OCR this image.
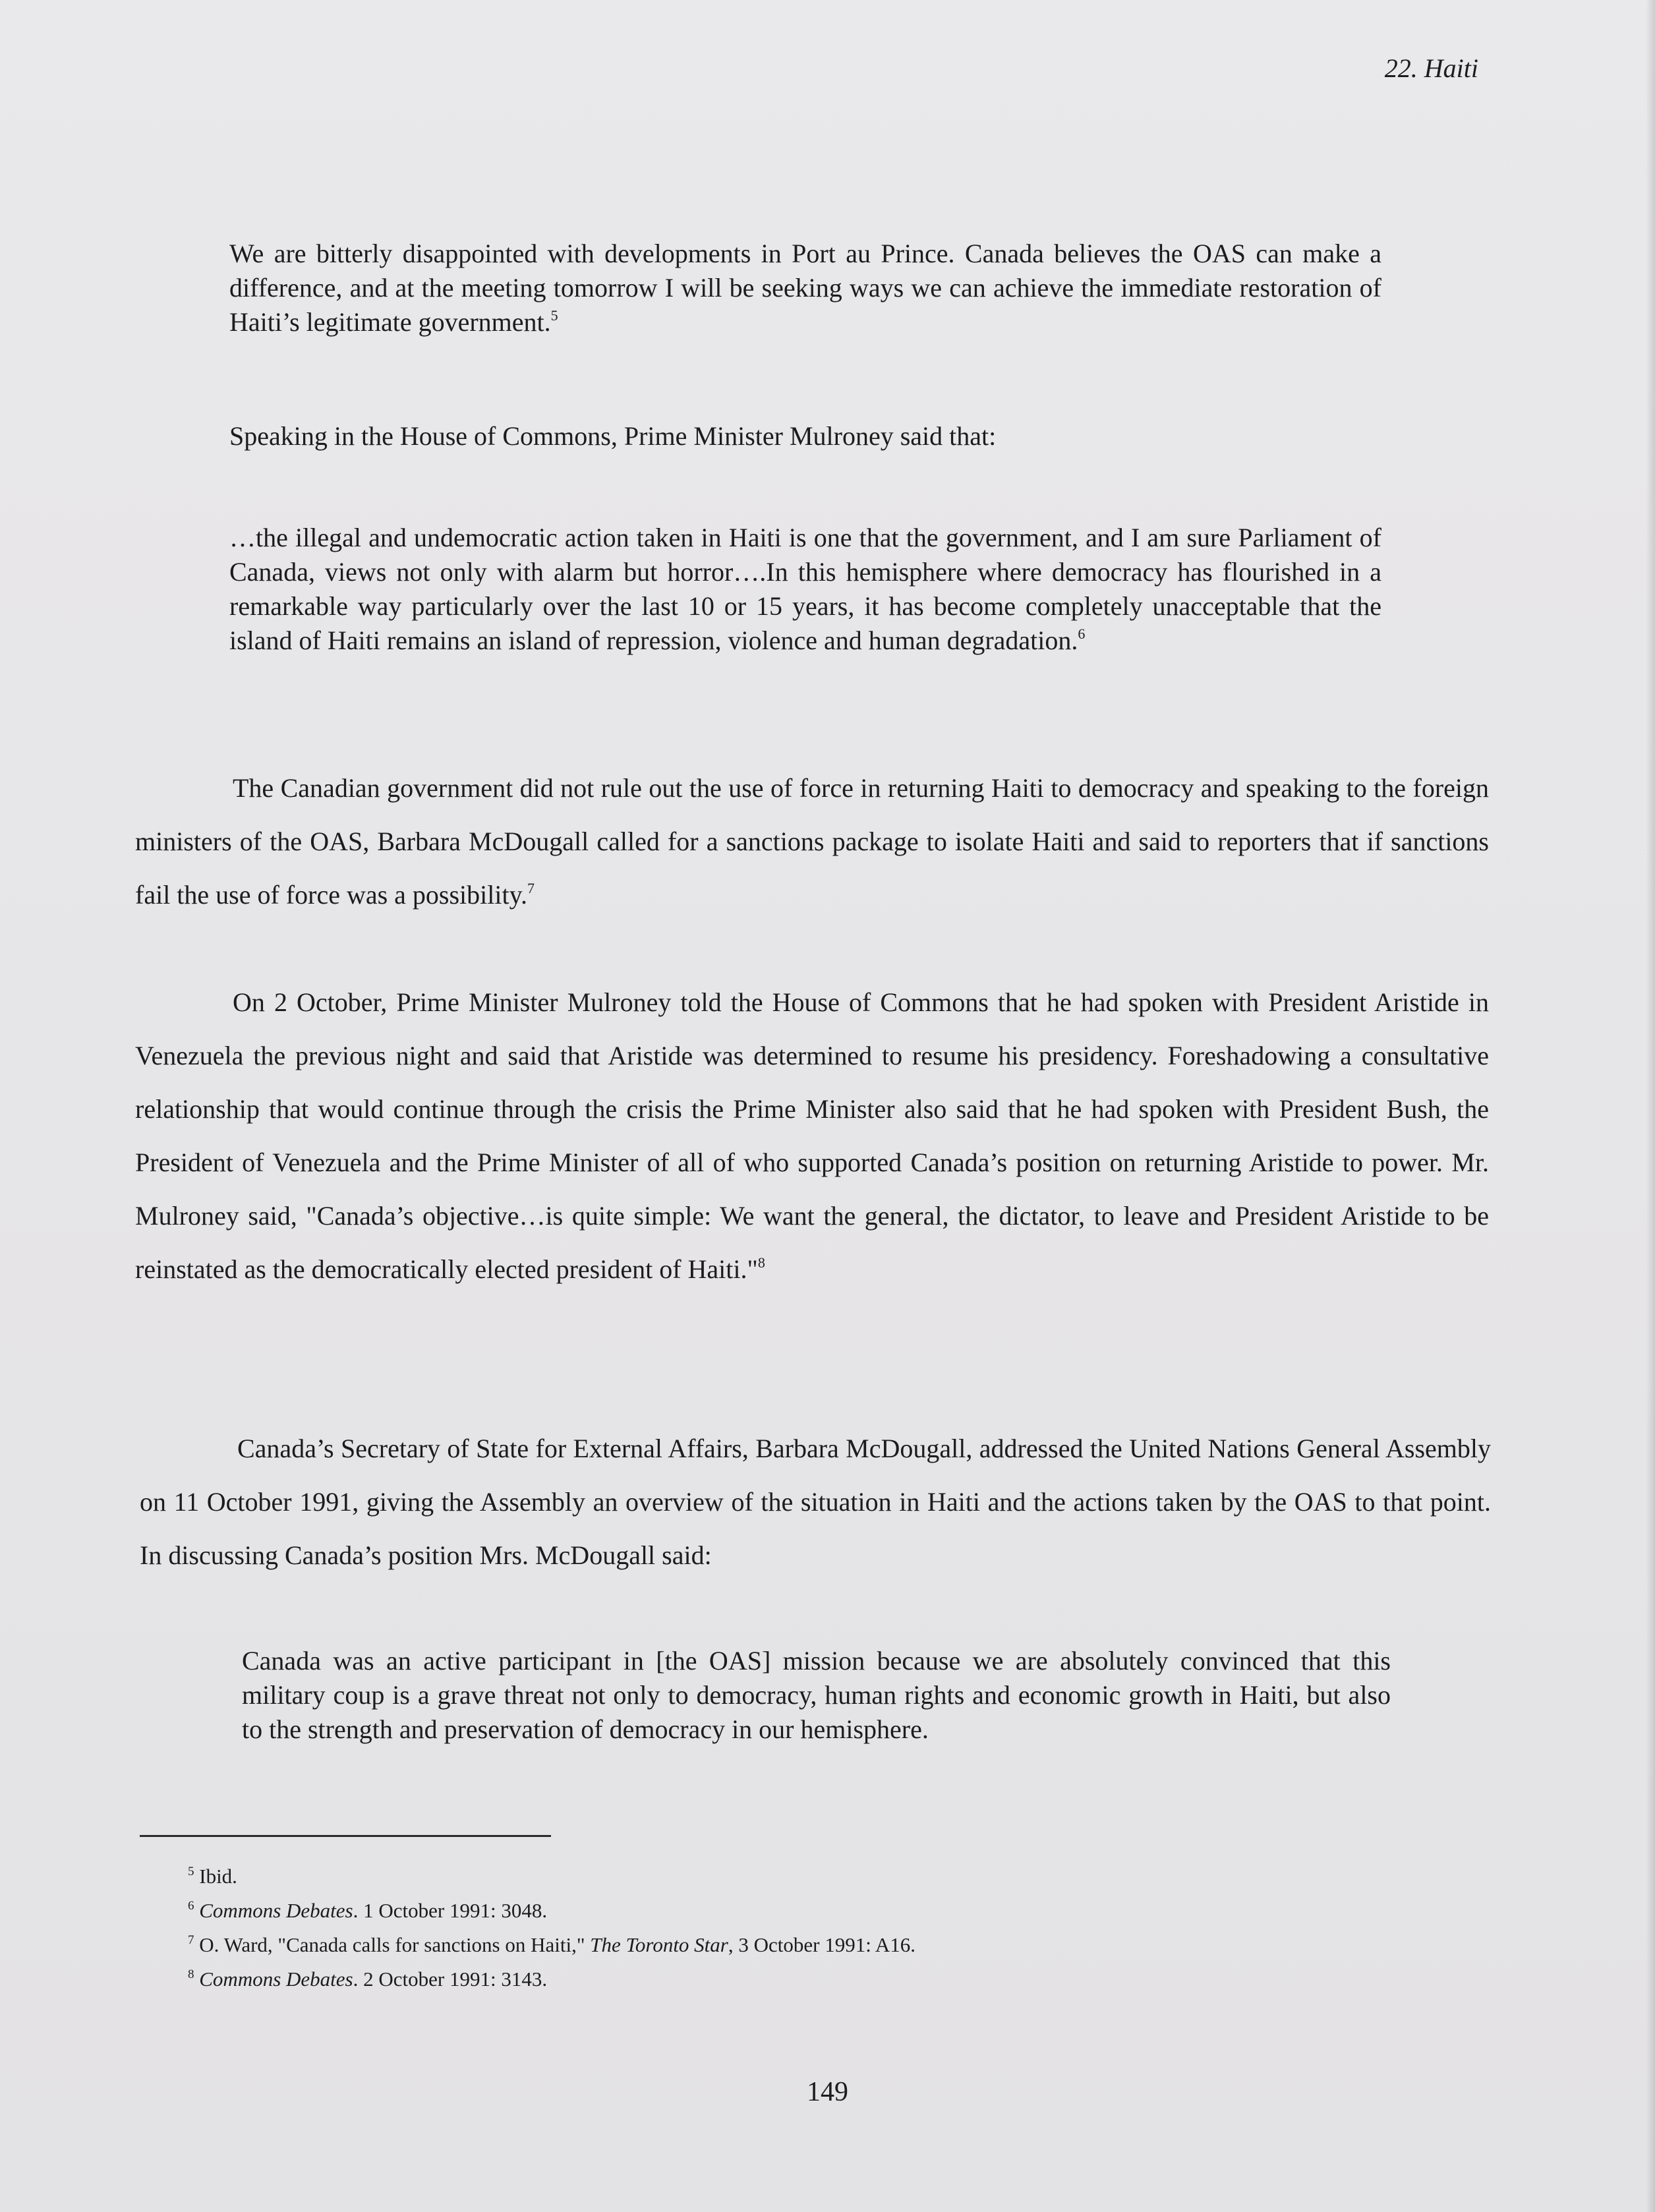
22. Haiti
We are bitterly disappointed with developments in Port au Prince. Canada believes the OAS can make a difference, and at the meeting tomorrow I will be seeking ways we can achieve the immediate restoration of Haiti’s legitimate government.$^5$
Speaking in the House of Commons, Prime Minister Mulroney said that:
…the illegal and undemocratic action taken in Haiti is one that the government, and I am sure Parliament of Canada, views not only with alarm but horror….In this hemisphere where democracy has flourished in a remarkable way particularly over the last 10 or 15 years, it has become completely unacceptable that the island of Haiti remains an island of repression, violence and human degradation.$^6$
The Canadian government did not rule out the use of force in returning Haiti to democracy and speaking to the foreign ministers of the OAS, Barbara McDougall called for a sanctions package to isolate Haiti and said to reporters that if sanctions fail the use of force was a possibility.$^7$
On 2 October, Prime Minister Mulroney told the House of Commons that he had spoken with President Aristide in Venezuela the previous night and said that Aristide was determined to resume his presidency. Foreshadowing a consultative relationship that would continue through the crisis the Prime Minister also said that he had spoken with President Bush, the President of Venezuela and the Prime Minister of all of who supported Canada’s position on returning Aristide to power. Mr. Mulroney said, "Canada’s objective…is quite simple: We want the general, the dictator, to leave and President Aristide to be reinstated as the democratically elected president of Haiti."$^8$
Canada’s Secretary of State for External Affairs, Barbara McDougall, addressed the United Nations General Assembly on 11 October 1991, giving the Assembly an overview of the situation in Haiti and the actions taken by the OAS to that point. In discussing Canada’s position Mrs. McDougall said:
Canada was an active participant in [the OAS] mission because we are absolutely convinced that this military coup is a grave threat not only to democracy, human rights and economic growth in Haiti, but also to the strength and preservation of democracy in our hemisphere.
$^5$ Ibid.
$^6$ Commons Debates. 1 October 1991: 3048.
$^7$ O. Ward, "Canada calls for sanctions on Haiti," The Toronto Star, 3 October 1991: A16.
$^8$ Commons Debates. 2 October 1991: 3143.
149
